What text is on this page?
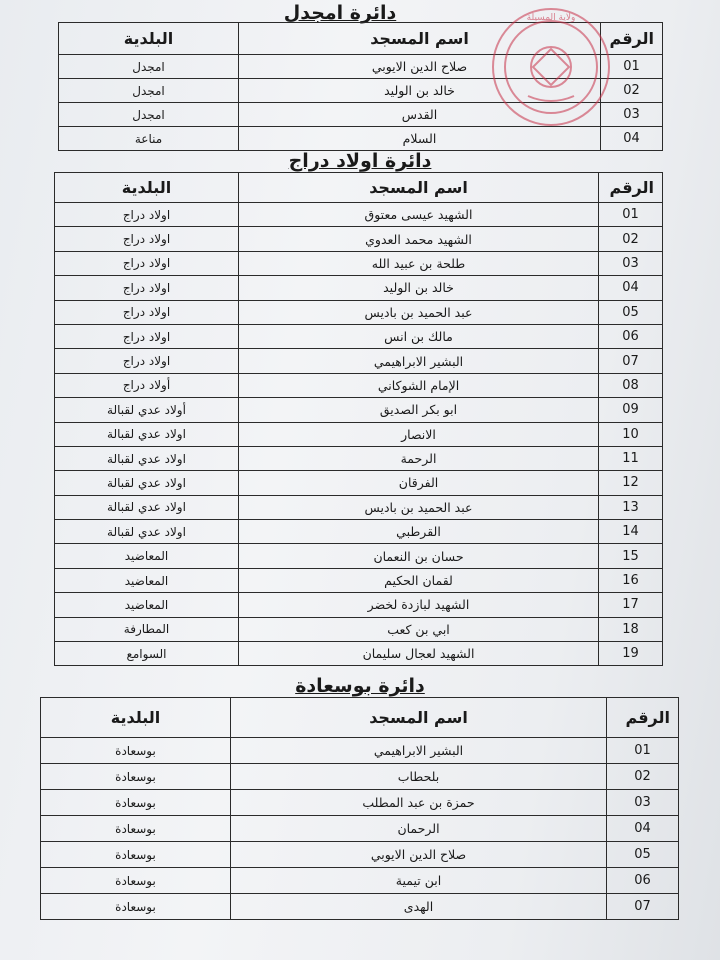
دائرة امجدل
الرقم	اسم المسجد	البلدية
01	صلاح الدين الايوبي	امجدل
02	خالد بن الوليد	امجدل
03	القدس	امجدل
04	السلام	مناعة
دائرة اولاد دراج
الرقم	اسم المسجد	البلدية
01	الشهيد عيسى معتوق	اولاد دراج
02	الشهيد محمد العدوي	اولاد دراج
03	طلحة بن عبيد الله	اولاد دراج
04	خالد بن الوليد	اولاد دراج
05	عبد الحميد بن باديس	اولاد دراج
06	مالك بن انس	اولاد دراج
07	البشير الابراهيمي	اولاد دراج
08	الإمام الشوكاني	أولاد دراج
09	ابو بكر الصديق	أولاد عدي لقبالة
10	الانصار	اولاد عدي لقبالة
11	الرحمة	اولاد عدي لقبالة
12	الفرقان	اولاد عدي لقبالة
13	عبد الحميد بن باديس	اولاد عدي لقبالة
14	القرطبي	اولاد عدي لقبالة
15	حسان بن النعمان	المعاضيد
16	لقمان الحكيم	المعاضيد
17	الشهيد لبازدة لخضر	المعاضيد
18	ابي بن كعب	المطارفة
19	الشهيد لعجال سليمان	السوامع
دائرة بوسعادة
الرقم	اسم المسجد	البلدية
01	البشير الابراهيمي	بوسعادة
02	بلحطاب	بوسعادة
03	حمزة بن عبد المطلب	بوسعادة
04	الرحمان	بوسعادة
05	صلاح الدين الايوبي	بوسعادة
06	ابن تيمية	بوسعادة
07	الهدى	بوسعادة
ولاية المسيلة
